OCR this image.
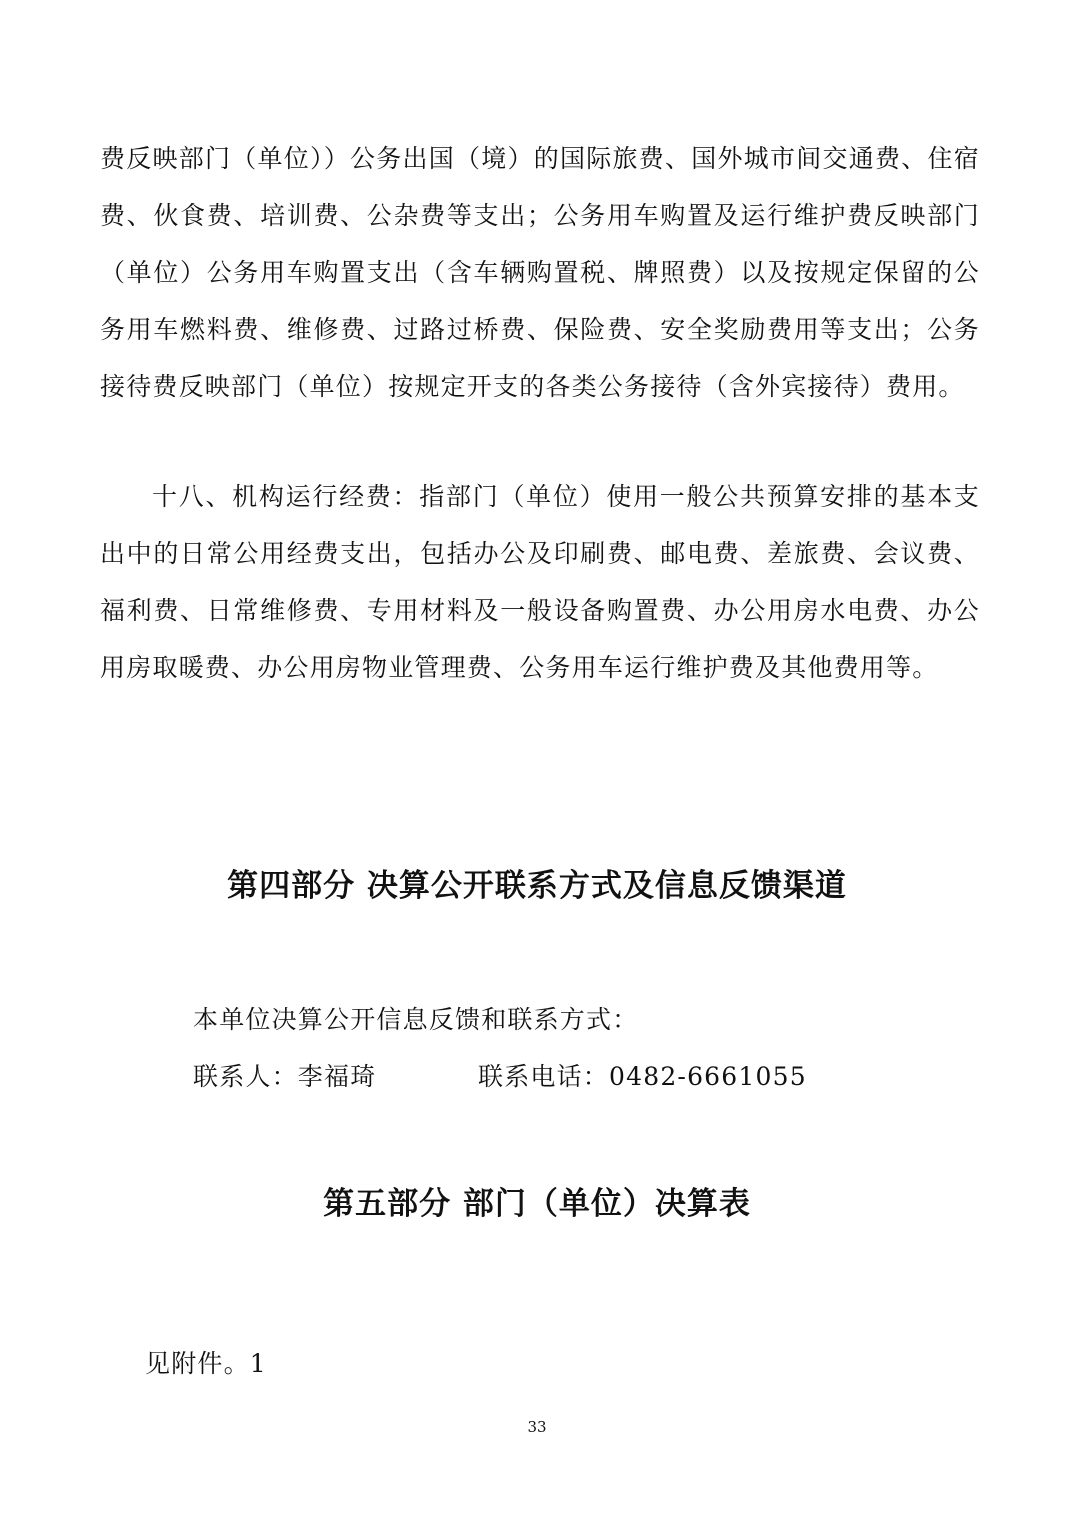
费反映部门（单位））公务出国（境）的国际旅费、国外城市间交通费、住宿费、伙食费、培训费、公杂费等支出；公务用车购置及运行维护费反映部门（单位）公务用车购置支出（含车辆购置税、牌照费）以及按规定保留的公务用车燃料费、维修费、过路过桥费、保险费、安全奖励费用等支出；公务接待费反映部门（单位）按规定开支的各类公务接待（含外宾接待）费用。

十八、机构运行经费：指部门（单位）使用一般公共预算安排的基本支出中的日常公用经费支出，包括办公及印刷费、邮电费、差旅费、会议费、福利费、日常维修费、专用材料及一般设备购置费、办公用房水电费、办公用房取暖费、办公用房物业管理费、公务用车运行维护费及其他费用等。

第四部分 决算公开联系方式及信息反馈渠道

本单位决算公开信息反馈和联系方式：

联系人：李福琦	联系电话：0482-6661055
第五部分 部门（单位）决算表

见附件。1

33
